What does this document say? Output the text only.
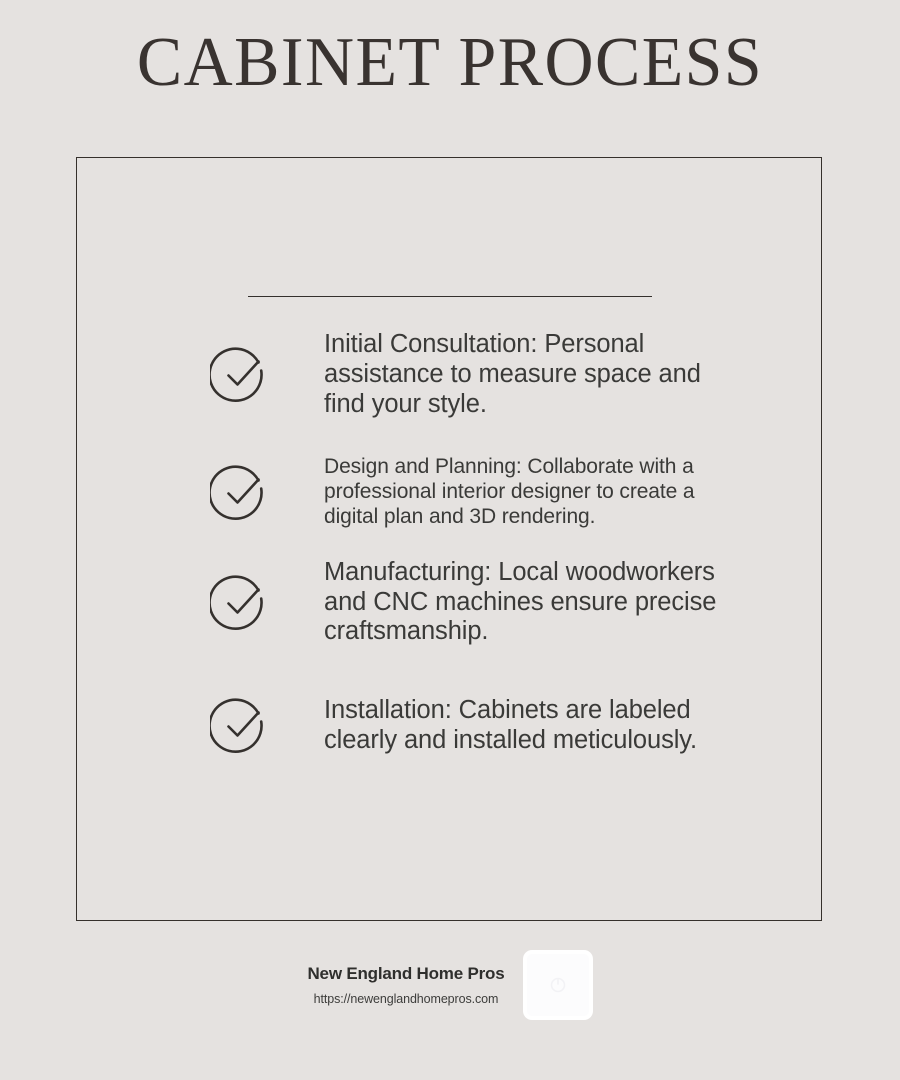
CABINET PROCESS
Initial Consultation: Personal assistance to measure space and find your style.
Design and Planning: Collaborate with a professional interior designer to create a digital plan and 3D rendering.
Manufacturing: Local woodworkers and CNC machines ensure precise craftsmanship.
Installation: Cabinets are labeled clearly and installed meticulously.
New England Home Pros
https://newenglandhomepros.com
